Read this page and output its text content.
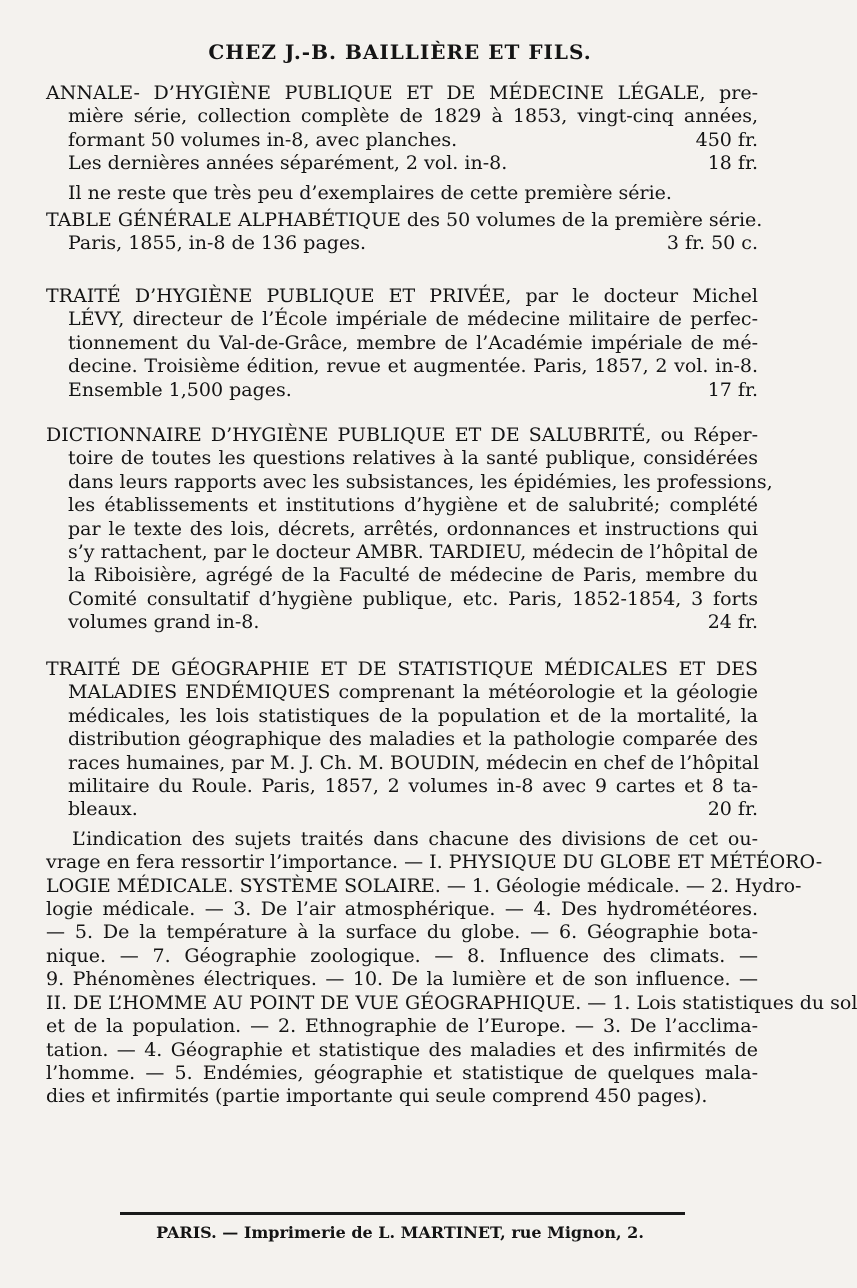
CHEZ J.-B. BAILLIÈRE ET FILS.
ANNALE- D’HYGIÈNE PUBLIQUE ET DE MÉDECINE LÉGALE, pre-
mière série, collection complète de 1829 à 1853, vingt-cinq années,
450 fr.
formant 50 volumes in-8, avec planches.
18 fr.
Les dernières années séparément, 2 vol. in-8.
Il ne reste que très peu d’exemplaires de cette première série.
TABLE GÉNÉRALE ALPHABÉTIQUE des 50 volumes de la première série.
3 fr. 50 c.
Paris, 1855, in-8 de 136 pages.
TRAITÉ D’HYGIÈNE PUBLIQUE ET PRIVÉE, par le docteur Michel
LÉVY, directeur de l’École impériale de médecine militaire de perfec-
tionnement du Val-de-Grâce, membre de l’Académie impériale de mé-
decine. Troisième édition, revue et augmentée. Paris, 1857, 2 vol. in-8.
17 fr.
Ensemble 1,500 pages.
DICTIONNAIRE D’HYGIÈNE PUBLIQUE ET DE SALUBRITÉ, ou Réper-
toire de toutes les questions relatives à la santé publique, considérées
dans leurs rapports avec les subsistances, les épidémies, les professions,
les établissements et institutions d’hygiène et de salubrité; complété
par le texte des lois, décrets, arrêtés, ordonnances et instructions qui
s’y rattachent, par le docteur AMBR. TARDIEU, médecin de l’hôpital de
la Riboisière, agrégé de la Faculté de médecine de Paris, membre du
Comité consultatif d’hygiène publique, etc. Paris, 1852-1854, 3 forts
24 fr.
volumes grand in-8.
TRAITÉ DE GÉOGRAPHIE ET DE STATISTIQUE MÉDICALES ET DES
MALADIES ENDÉMIQUES comprenant la météorologie et la géologie
médicales, les lois statistiques de la population et de la mortalité, la
distribution géographique des maladies et la pathologie comparée des
races humaines, par M. J. Ch. M. BOUDIN, médecin en chef de l’hôpital
militaire du Roule. Paris, 1857, 2 volumes in-8 avec 9 cartes et 8 ta-
20 fr.
bleaux.
L’indication des sujets traités dans chacune des divisions de cet ou-
vrage en fera ressortir l’importance. — I. PHYSIQUE DU GLOBE ET MÉTÉORO-
LOGIE MÉDICALE. SYSTÈME SOLAIRE. — 1. Géologie médicale. — 2. Hydro-
logie médicale. — 3. De l’air atmosphérique. — 4. Des hydrométéores.
— 5. De la température à la surface du globe. — 6. Géographie bota-
nique. — 7. Géographie zoologique. — 8. Influence des climats. —
9. Phénomènes électriques. — 10. De la lumière et de son influence. —
II. DE L’HOMME AU POINT DE VUE GÉOGRAPHIQUE. — 1. Lois statistiques du sol
et de la population. — 2. Ethnographie de l’Europe. — 3. De l’acclima-
tation. — 4. Géographie et statistique des maladies et des infirmités de
l’homme. — 5. Endémies, géographie et statistique de quelques mala-
dies et infirmités (partie importante qui seule comprend 450 pages).
PARIS. — Imprimerie de L. MARTINET, rue Mignon, 2.
